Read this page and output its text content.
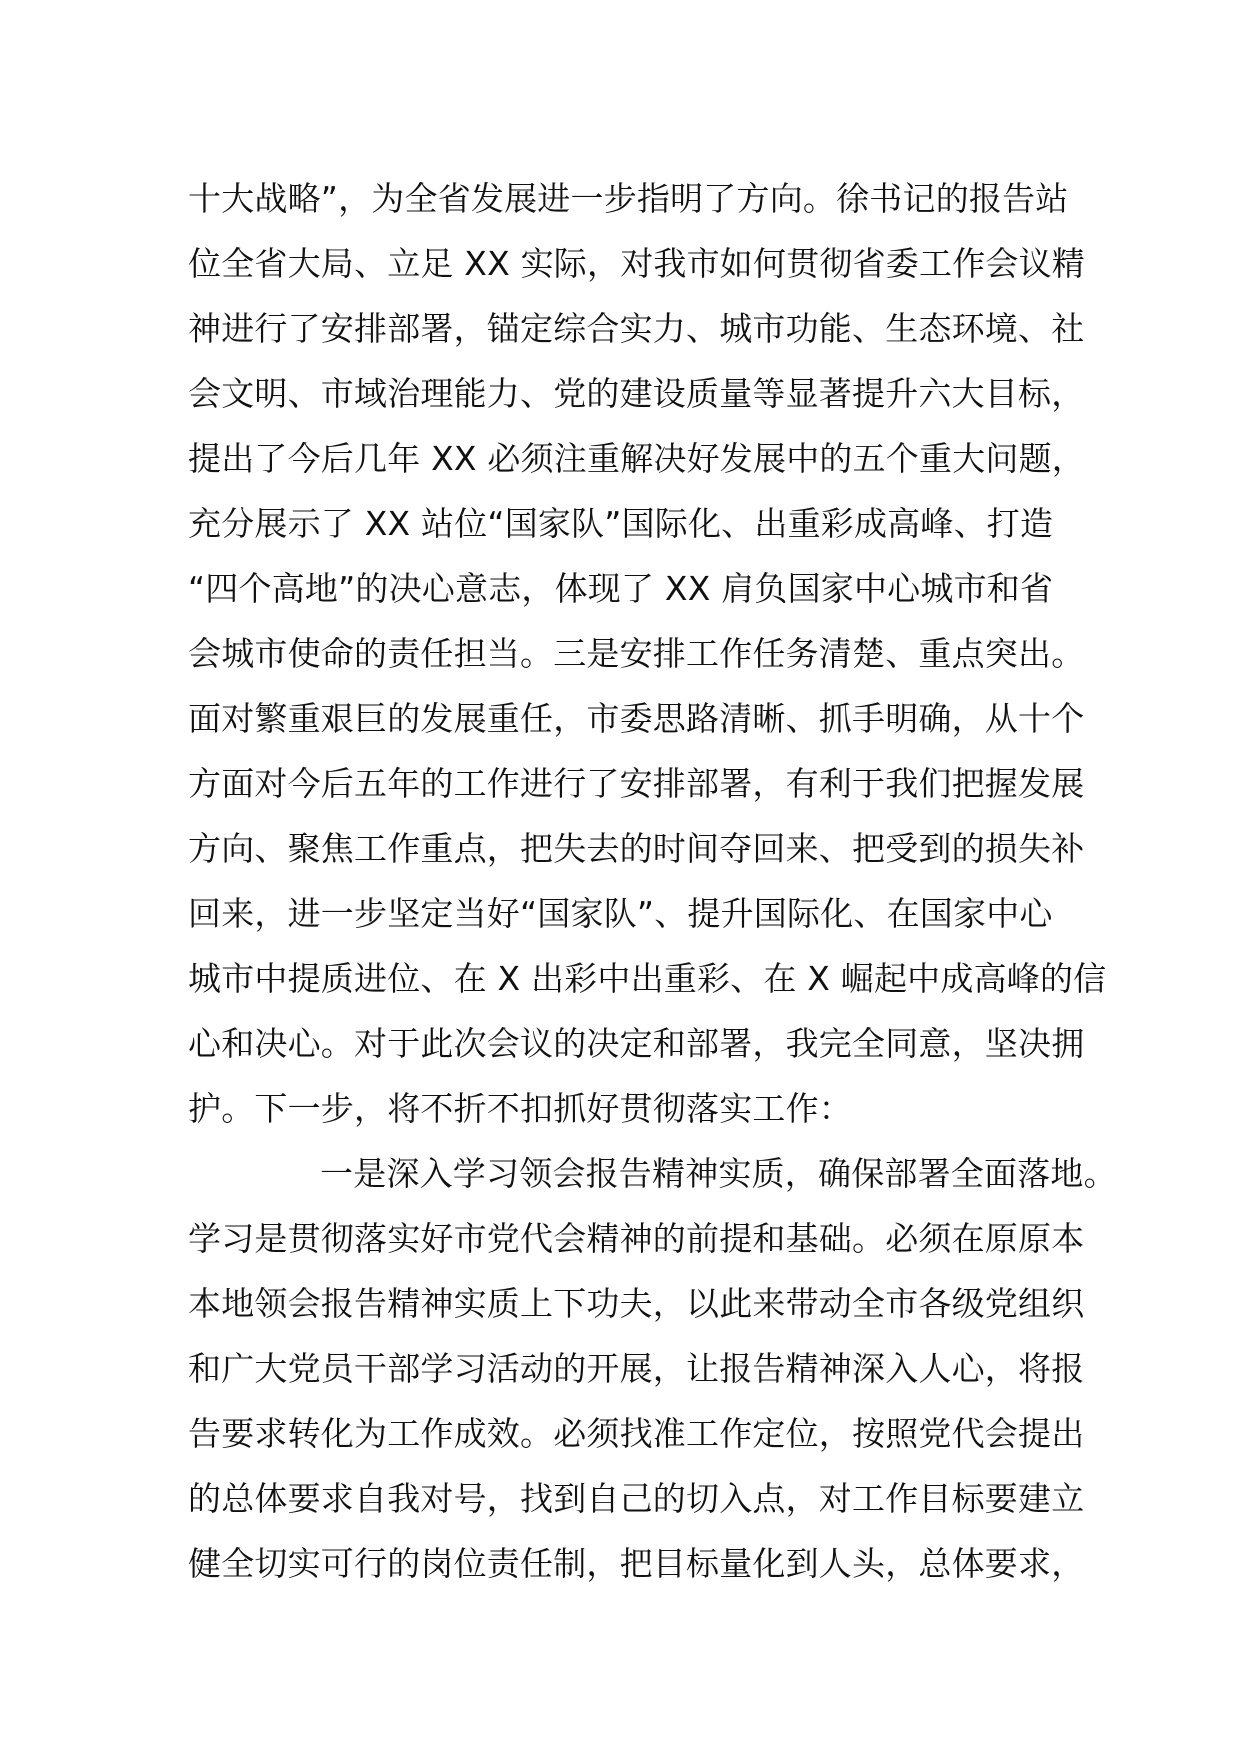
十大战略”，为全省发展进一步指明了方向。徐书记的报告站
位全省大局、立足 XX 实际，对我市如何贯彻省委工作会议精
神进行了安排部署，锚定综合实力、城市功能、生态环境、社
会文明、市域治理能力、党的建设质量等显著提升六大目标，
提出了今后几年 XX 必须注重解决好发展中的五个重大问题，
充分展示了 XX 站位“国家队”国际化、出重彩成高峰、打造
“四个高地”的决心意志，体现了 XX 肩负国家中心城市和省
会城市使命的责任担当。三是安排工作任务清楚、重点突出。
面对繁重艰巨的发展重任，市委思路清晰、抓手明确，从十个
方面对今后五年的工作进行了安排部署，有利于我们把握发展
方向、聚焦工作重点，把失去的时间夺回来、把受到的损失补
回来，进一步坚定当好“国家队”、提升国际化、在国家中心
城市中提质进位、在 X 出彩中出重彩、在 X 崛起中成高峰的信
心和决心。对于此次会议的决定和部署，我完全同意，坚决拥
护。下一步，将不折不扣抓好贯彻落实工作：
一是深入学习领会报告精神实质，确保部署全面落地。
学习是贯彻落实好市党代会精神的前提和基础。必须在原原本
本地领会报告精神实质上下功夫，以此来带动全市各级党组织
和广大党员干部学习活动的开展，让报告精神深入人心，将报
告要求转化为工作成效。必须找准工作定位，按照党代会提出
的总体要求自我对号，找到自己的切入点，对工作目标要建立
健全切实可行的岗位责任制，把目标量化到人头，总体要求，
